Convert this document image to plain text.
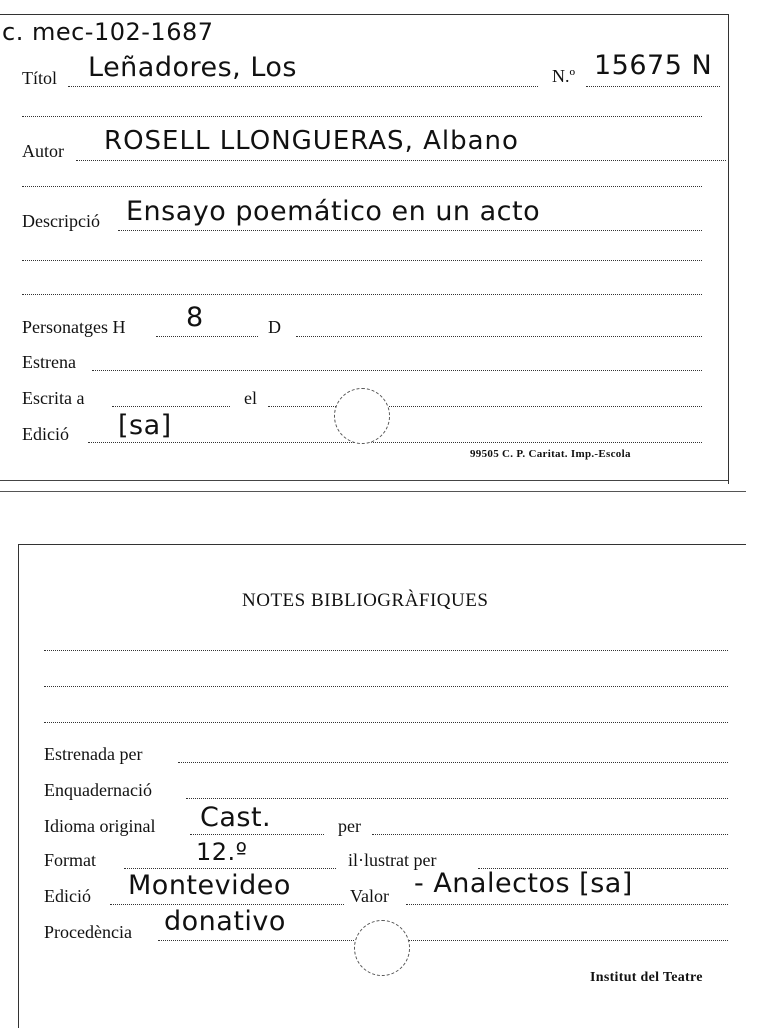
c. mec-102-1687
Títol Leñadores, Los	N.º 15675 N
Autor ROSELL LLONGUERAS, Albano
Descripció Ensayo poemático en un acto
Personatges H 8	D
Estrena
Escrita a	el
Edició [sa]
99505 C. P. Caritat. Imp.-Escola
NOTES BIBLIOGRÀFIQUES
Estrenada per
Enquadernació
Idioma original Cast.	per
Format	12.º	il·lustrat per
Edició Montevideo	Valor - Analectos [sa]
Procedència donativo
Institut del Teatre
